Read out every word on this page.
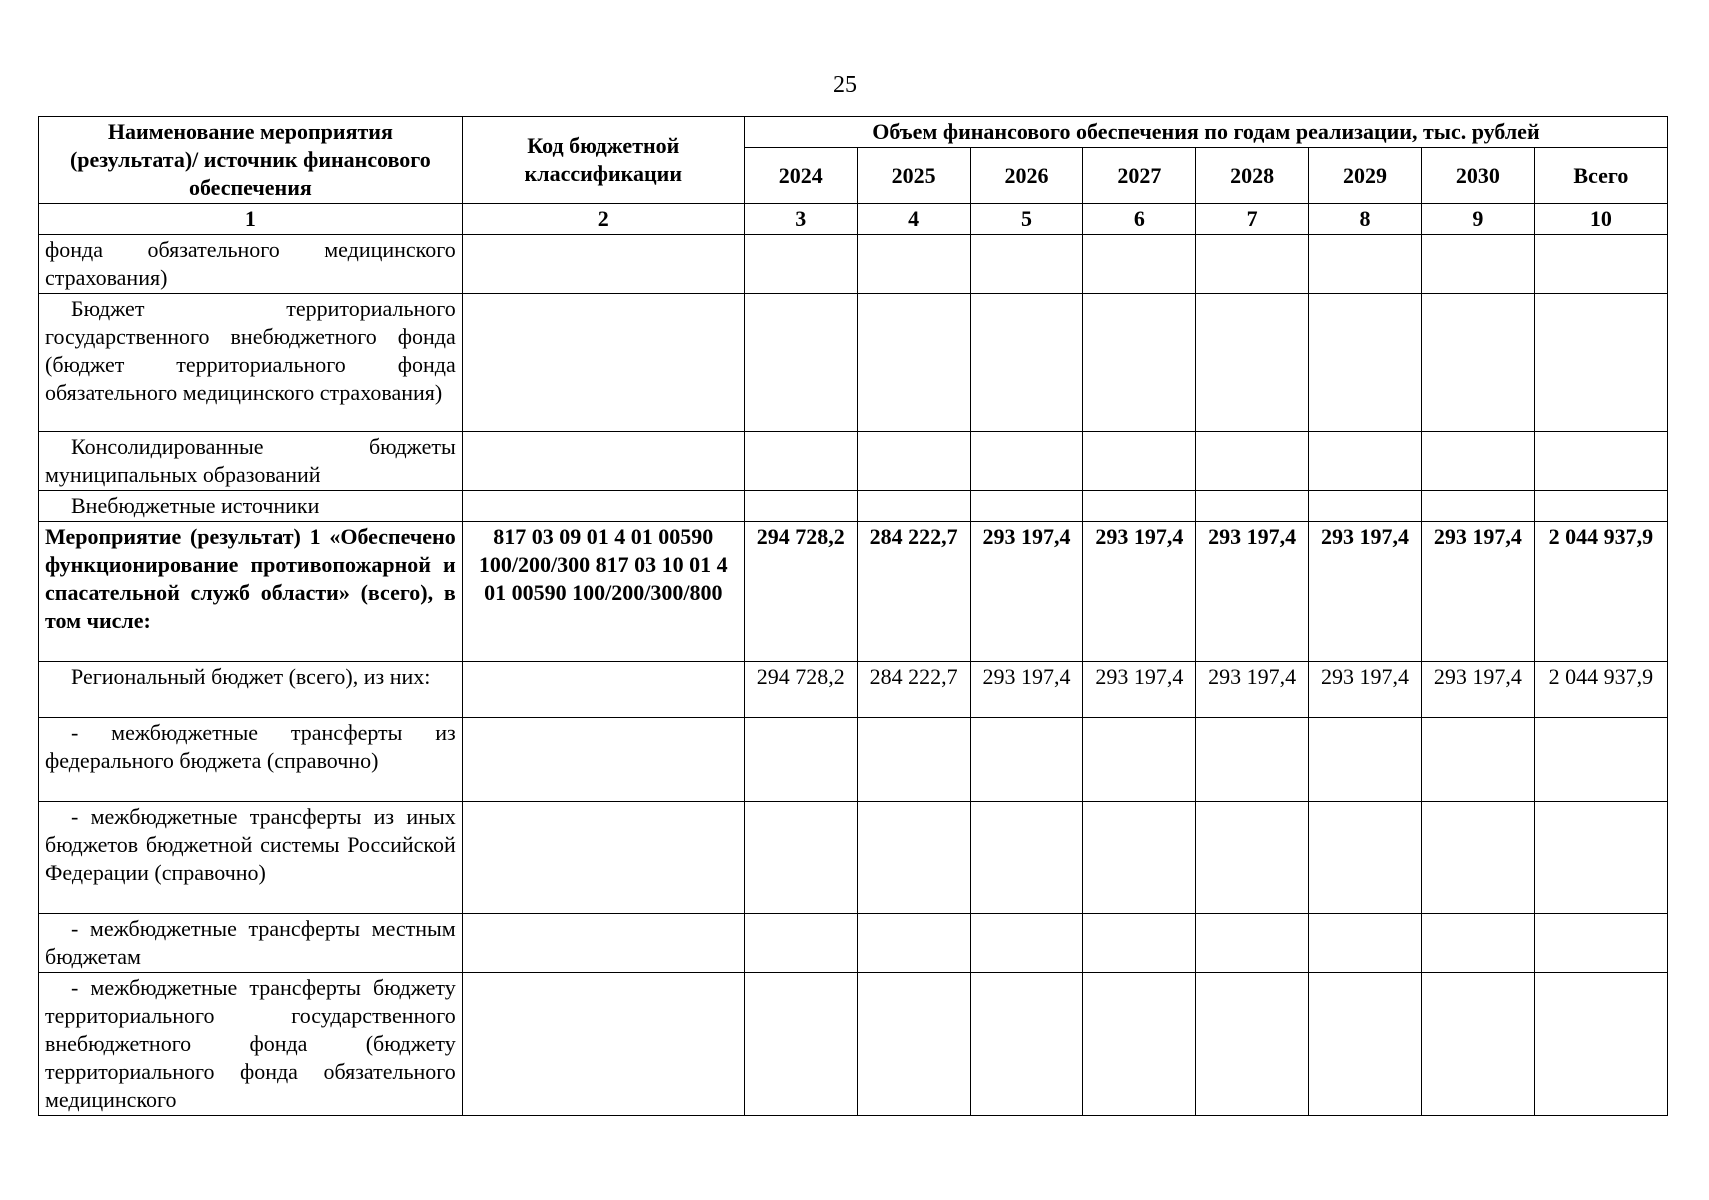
25
Наименование мероприятия (результата)/ источник финансового обеспечения	Код бюджетной классификации	Объем финансового обеспечения по годам реализации, тыс. рублей							
		2024	2025	2026	2027	2028	2029	2030	Всего
1	2	3	4	5	6	7	8	9	10
фонда обязательного медицинского страхования)									
Бюджет территориального государственного внебюджетного фонда (бюджет территориального фонда обязательного медицинского страхования)									
Консолидированные бюджеты муниципальных образований									
Внебюджетные источники									
Мероприятие (результат) 1 «Обеспечено функционирование противопожарной и спасательной служб области» (всего), в том числе:	817 03 09 01 4 01 00590 100/200/300 817 03 10 01 4 01 00590 100/200/300/800	294 728,2	284 222,7	293 197,4	293 197,4	293 197,4	293 197,4	293 197,4	2 044 937,9
Региональный бюджет (всего), из них:		294 728,2	284 222,7	293 197,4	293 197,4	293 197,4	293 197,4	293 197,4	2 044 937,9
- межбюджетные трансферты из федерального бюджета (справочно)									
- межбюджетные трансферты из иных бюджетов бюджетной системы Российской Федерации (справочно)									
- межбюджетные трансферты местным бюджетам									
- межбюджетные трансферты бюджету территориального государственного внебюджетного фонда (бюджету территориального фонда обязательного медицинского									
